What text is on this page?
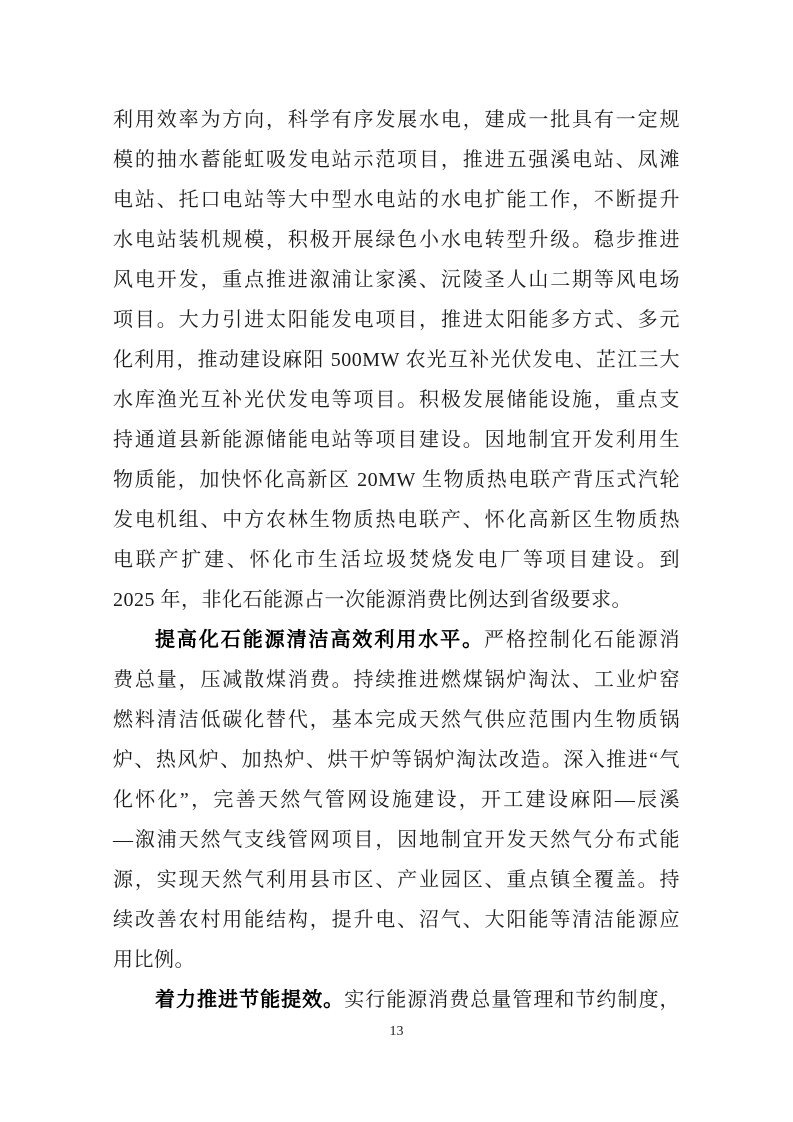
利用效率为方向，科学有序发展水电，建成一批具有一定规
模的抽水蓄能虹吸发电站示范项目，推进五强溪电站、凤滩
电站、托口电站等大中型水电站的水电扩能工作，不断提升
水电站装机规模，积极开展绿色小水电转型升级。稳步推进
风电开发，重点推进溆浦让家溪、沅陵圣人山二期等风电场
项目。大力引进太阳能发电项目，推进太阳能多方式、多元
化利用，推动建设麻阳 500MW 农光互补光伏发电、芷江三大
水库渔光互补光伏发电等项目。积极发展储能设施，重点支
持通道县新能源储能电站等项目建设。因地制宜开发利用生
物质能，加快怀化高新区 20MW 生物质热电联产背压式汽轮
发电机组、中方农林生物质热电联产、怀化高新区生物质热
电联产扩建、怀化市生活垃圾焚烧发电厂等项目建设。到
2025 年，非化石能源占一次能源消费比例达到省级要求。
提高化石能源清洁高效利用水平。严格控制化石能源消
费总量，压减散煤消费。持续推进燃煤锅炉淘汰、工业炉窑
燃料清洁低碳化替代，基本完成天然气供应范围内生物质锅
炉、热风炉、加热炉、烘干炉等锅炉淘汰改造。深入推进“气
化怀化”，完善天然气管网设施建设，开工建设麻阳—辰溪
—溆浦天然气支线管网项目，因地制宜开发天然气分布式能
源，实现天然气利用县市区、产业园区、重点镇全覆盖。持
续改善农村用能结构，提升电、沼气、大阳能等清洁能源应
用比例。
着力推进节能提效。实行能源消费总量管理和节约制度，
13
